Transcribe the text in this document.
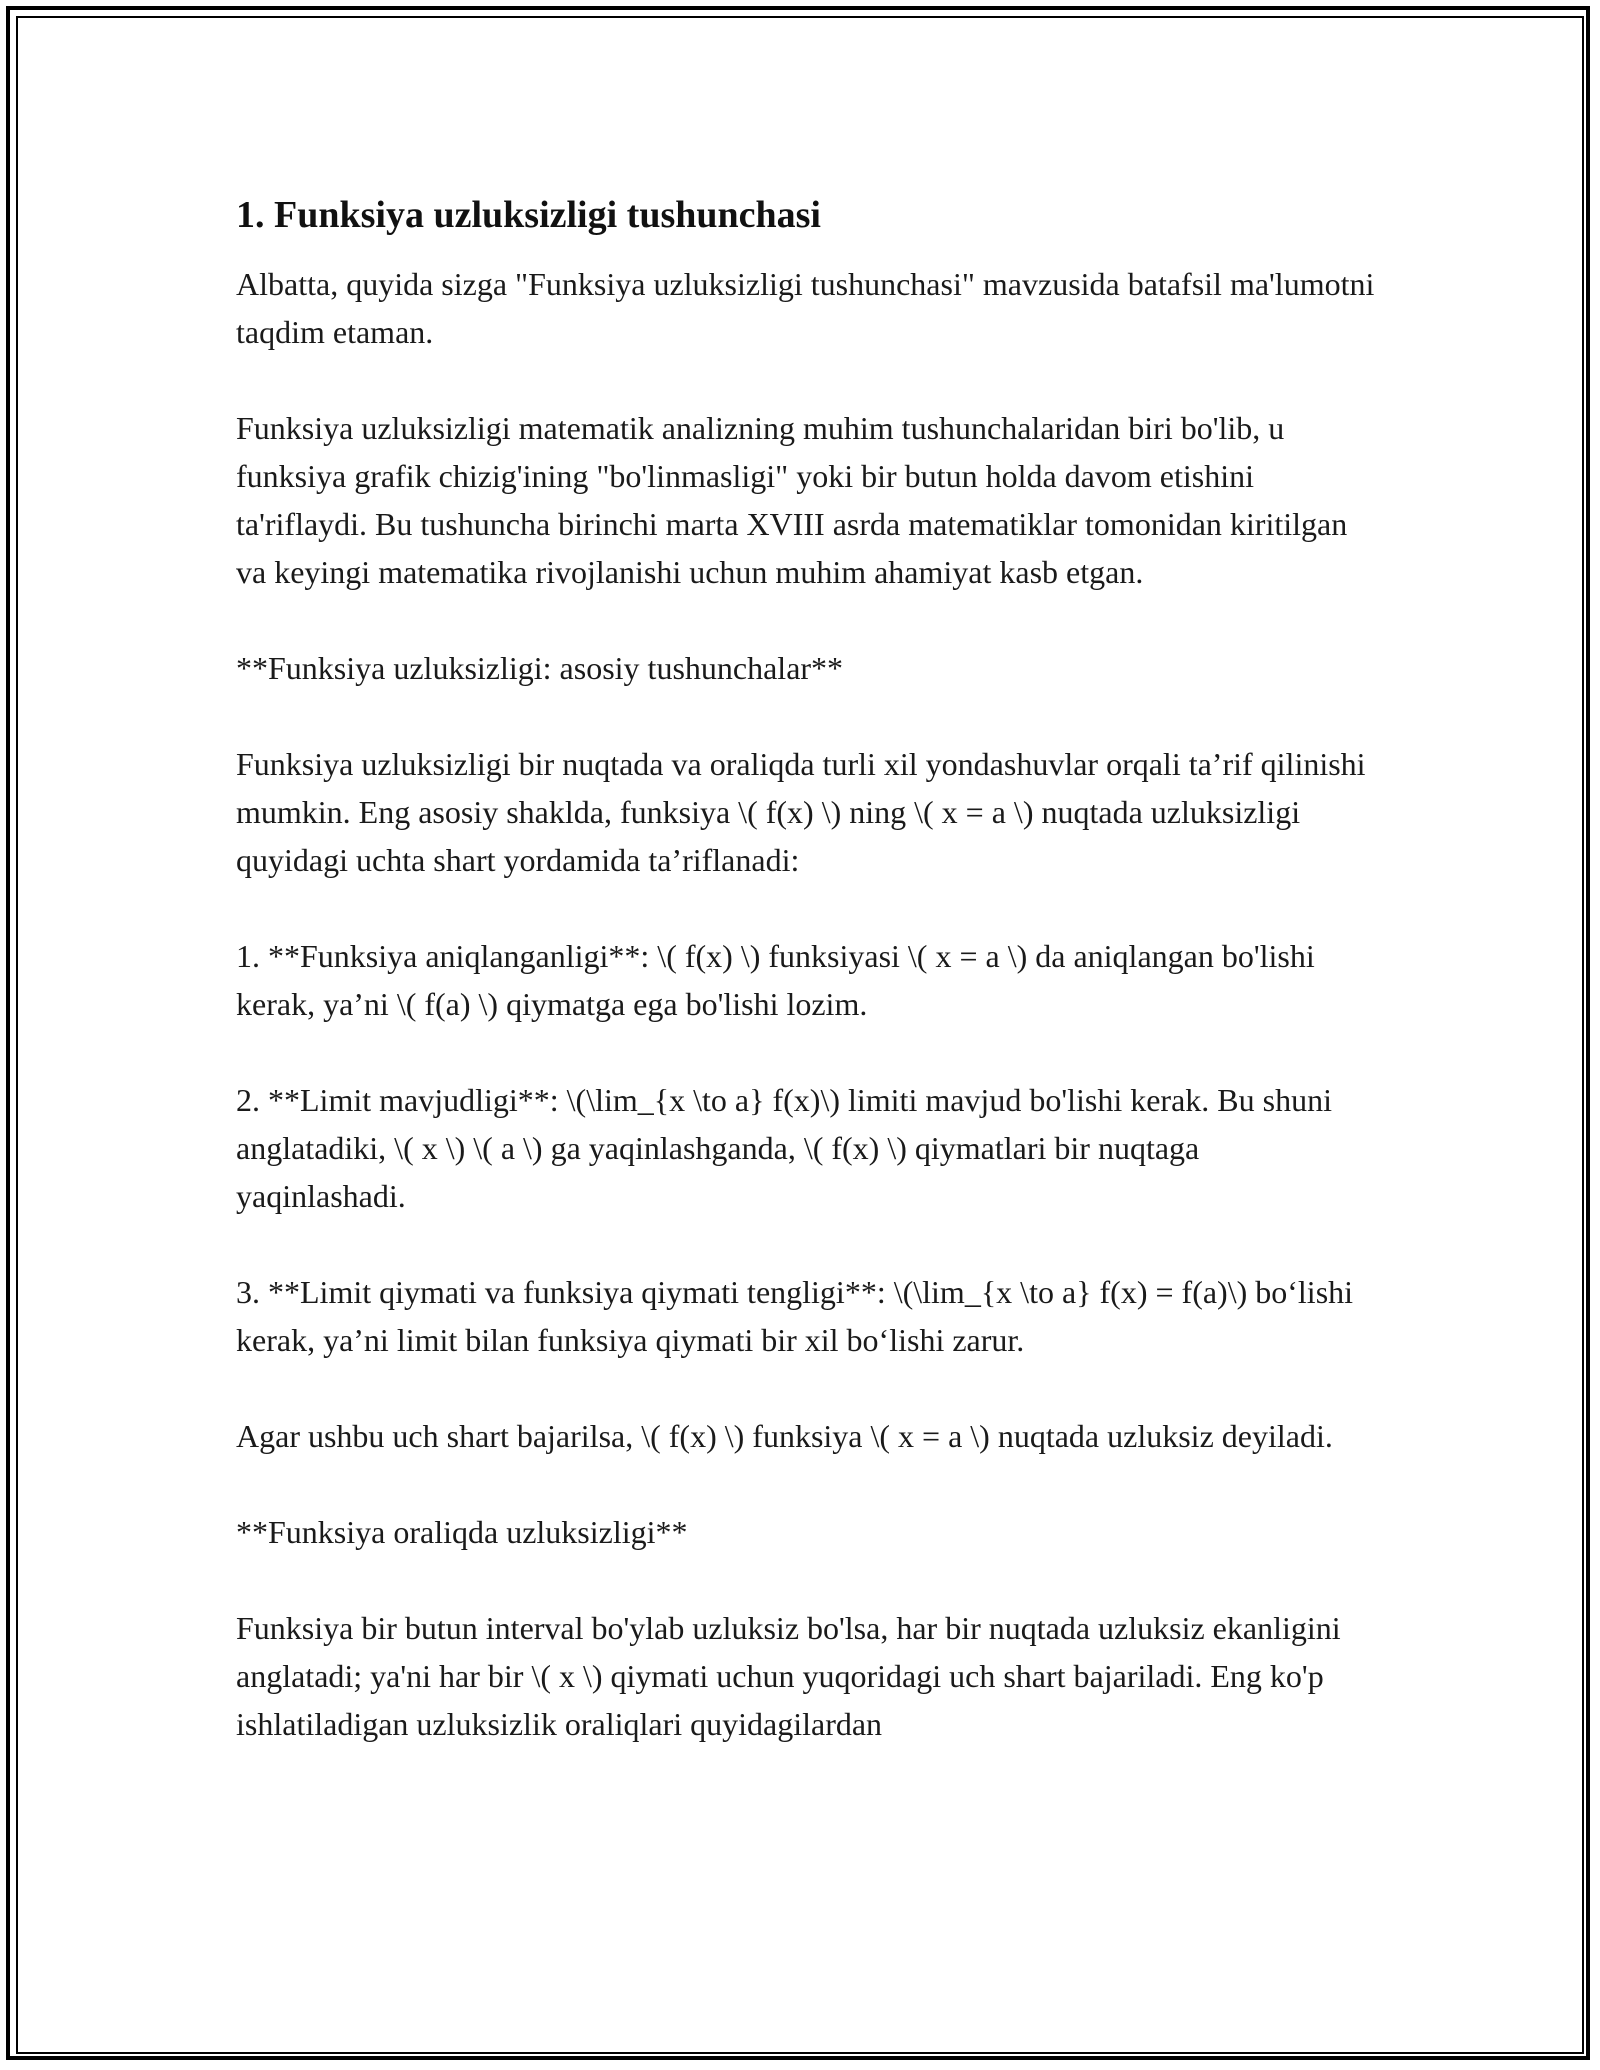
1. Funksiya uzluksizligi tushunchasi

Albatta, quyida sizga "Funksiya uzluksizligi tushunchasi" mavzusida batafsil ma'lumotni taqdim etaman.

Funksiya uzluksizligi matematik analizning muhim tushunchalaridan biri bo'lib, u funksiya grafik chizig'ining "bo'linmasligi" yoki bir butun holda davom etishini ta'riflaydi. Bu tushuncha birinchi marta XVIII asrda matematiklar tomonidan kiritilgan va keyingi matematika rivojlanishi uchun muhim ahamiyat kasb etgan.

**Funksiya uzluksizligi: asosiy tushunchalar**

Funksiya uzluksizligi bir nuqtada va oraliqda turli xil yondashuvlar orqali ta’rif qilinishi mumkin. Eng asosiy shaklda, funksiya \( f(x) \) ning \( x = a \) nuqtada uzluksizligi quyidagi uchta shart yordamida ta’riflanadi:

1. **Funksiya aniqlanganligi**: \( f(x) \) funksiyasi \( x = a \) da aniqlangan bo'lishi kerak, ya’ni \( f(a) \) qiymatga ega bo'lishi lozim.

2. **Limit mavjudligi**: \(\lim_{x \to a} f(x)\) limiti mavjud bo'lishi kerak. Bu shuni anglatadiki, \( x \) \( a \) ga yaqinlashganda, \( f(x) \) qiymatlari bir nuqtaga yaqinlashadi.

3. **Limit qiymati va funksiya qiymati tengligi**: \(\lim_{x \to a} f(x) = f(a)\) bo‘lishi kerak, ya’ni limit bilan funksiya qiymati bir xil bo‘lishi zarur.

Agar ushbu uch shart bajarilsa, \( f(x) \) funksiya \( x = a \) nuqtada uzluksiz deyiladi.

**Funksiya oraliqda uzluksizligi**

Funksiya bir butun interval bo'ylab uzluksiz bo'lsa, har bir nuqtada uzluksiz ekanligini anglatadi; ya'ni har bir \( x \) qiymati uchun yuqoridagi uch shart bajariladi. Eng ko'p ishlatiladigan uzluksizlik oraliqlari quyidagilardan
